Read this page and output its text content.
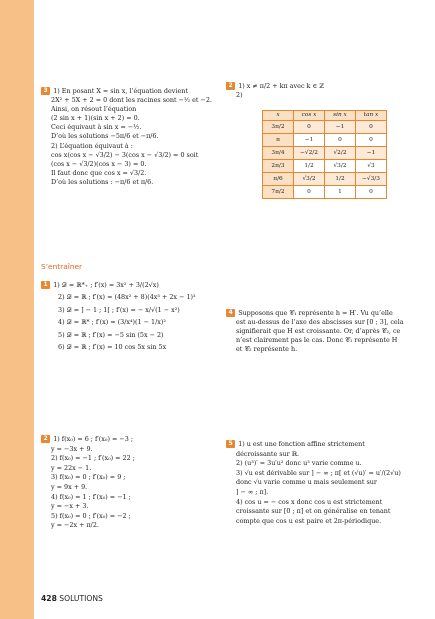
3 1) En posant X = sin x, l’équation devient
2X² + 5X + 2 = 0 dont les racines sont −½ et −2.
Ainsi, on résout l’équation
(2 sin x + 1)(sin x + 2) = 0.
Ceci équivaut à sin x = −½.
D’où les solutions −5π/6 et −π/6.
2) L’équation équivaut à :
cos x(cos x − √3/2) − 3(cos x − √3/2) = 0 soit
(cos x − √3/2)(cos x − 3) = 0.
Il faut donc que cos x = √3/2.
D’où les solutions : −π/6 et π/6.
2 1) x ≠ π/2 + kπ avec k ∈ ℤ
2)
x	cos x	sin x	tan x
3π/2	0	−1	0
π	−1	0	0
3π/4	−√2/2	√2/2	−1
2π/3	1/2	√3/2	√3
π/6	√3/2	1/2	−√3/3
7π/2	0	1	0
S’entraîner
1 1) 𝒟 = ℝ*₊ ; f′(x) = 3x² + 3/(2√x)
2) 𝒟 = ℝ ; f′(x) = (48x² + 8)(4x³ + 2x − 1)³
3) 𝒟 = ] − 1 ; 1[ ; f′(x) = − x/√(1 − x²)
4) 𝒟 = ℝ* ; f′(x) = (3/x⁴)(1 − 1/x)²
5) 𝒟 = ℝ ; f′(x) = −5 sin (5x − 2)
6) 𝒟 = ℝ ; f′(x) = 10 cos 5x sin 5x
4 Supposons que 𝒞₁ représente h = H′. Vu qu’elle
est au-dessus de l’axe des abscisses sur [0 ; 3], cela
signifierait que H est croissante. Or, d’après 𝒞₂, ce
n’est clairement pas le cas. Donc 𝒞₁ représente H
et 𝒞₂ représente h.
2 1) f(x₀) = 6 ; f′(x₀) = −3 ;
y = −3x + 9.
2) f(x₀) = −1 ; f′(x₀) = 22 ;
y = 22x − 1.
3) f(x₀) = 0 ; f′(x₀) = 9 ;
y = 9x + 9.
4) f(x₀) = 1 ; f′(x₀) = −1 ;
y = −x + 3.
5) f(x₀) = 0 ; f′(x₀) = −2 ;
y = −2x + π/2.
5 1) u est une fonction affine strictement
décroissante sur ℝ.
2) (u³)′ = 3u′u² donc u³ varie comme u.
3) √u est dérivable sur ] − ∞ ; π[ et (√u)′ = u′/(2√u)
donc √u varie comme u mais seulement sur
] − ∞ ; π].
4) cos u = − cos x donc cos u est strictement
croissante sur [0 ; π] et on généralise en tenant
compte que cos u est paire et 2π-périodique.
428 SOLUTIONS
